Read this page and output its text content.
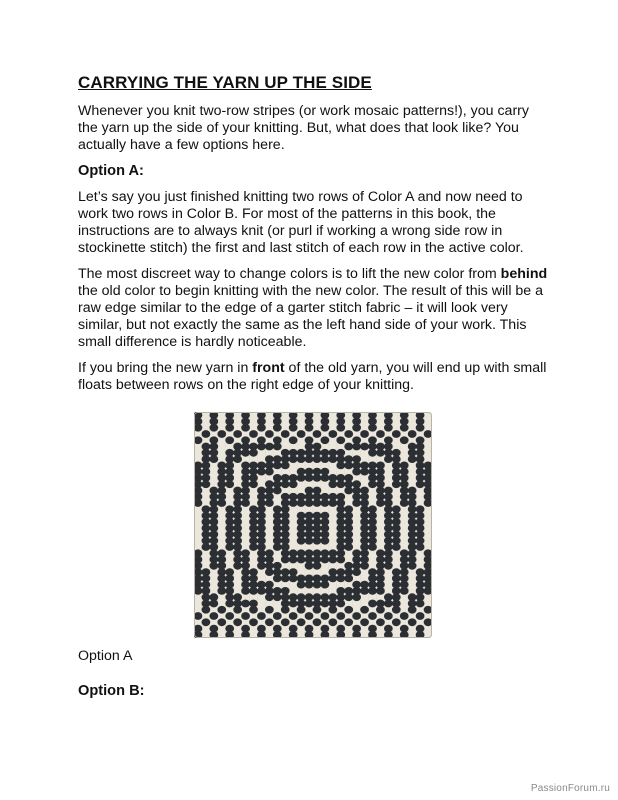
CARRYING THE YARN UP THE SIDE

Whenever you knit two-row stripes (or work mosaic patterns!), you carry the yarn up the side of your knitting. But, what does that look like? You actually have a few options here.

Option A:

Let’s say you just finished knitting two rows of Color A and now need to work two rows in Color B. For most of the patterns in this book, the instructions are to always knit (or purl if working a wrong side row in stockinette stitch) the first and last stitch of each row in the active color.

The most discreet way to change colors is to lift the new color from behind the old color to begin knitting with the new color. The result of this will be a raw edge similar to the edge of a garter stitch fabric – it will look very similar, but not exactly the same as the left hand side of your work. This small difference is hardly noticeable.

If you bring the new yarn in front of the old yarn, you will end up with small floats between rows on the right edge of your knitting.

Option A

Option B:

PassionForum.ru
